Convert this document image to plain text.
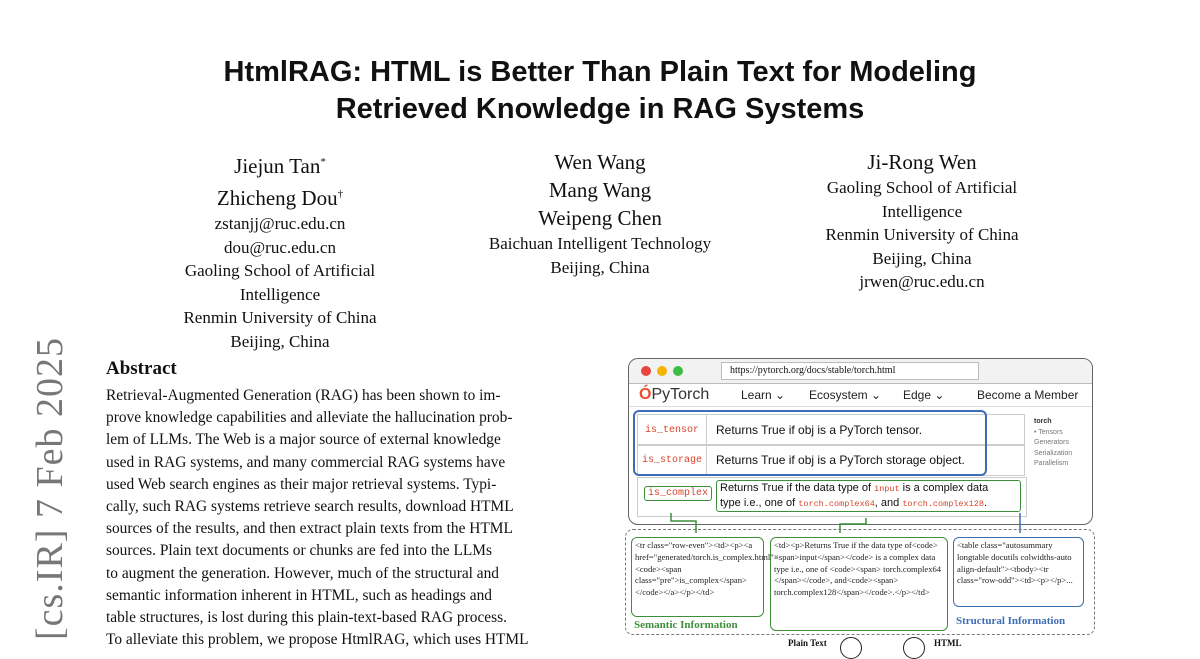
HtmlRAG: HTML is Better Than Plain Text for Modeling
Retrieved Knowledge in RAG Systems
Jiejun Tan*
Zhicheng Dou†
zstanjj@ruc.edu.cn
dou@ruc.edu.cn
Gaoling School of Artificial
Intelligence
Renmin University of China
Beijing, China
Wen Wang
Mang Wang
Weipeng Chen
Baichuan Intelligent Technology
Beijing, China
Ji-Rong Wen
Gaoling School of Artificial
Intelligence
Renmin University of China
Beijing, China
jrwen@ruc.edu.cn
[cs.IR] 7 Feb 2025 Abstract
Retrieval-Augmented Generation (RAG) has been shown to im-
prove knowledge capabilities and alleviate the hallucination prob-
lem of LLMs. The Web is a major source of external knowledge
used in RAG systems, and many commercial RAG systems have
used Web search engines as their major retrieval systems. Typi-
cally, such RAG systems retrieve search results, download HTML
sources of the results, and then extract plain texts from the HTML
sources. Plain text documents or chunks are fed into the LLMs
to augment the generation. However, much of the structural and
semantic information inherent in HTML, such as headings and
table structures, is lost during this plain-text-based RAG process.
To alleviate this problem, we propose HtmlRAG, which uses HTML
https://pytorch.org/docs/stable/torch.html
ÓPyTorch	Learn ⌄ Ecosystem ⌄ Edge ⌄	Become a Member
is_tensor	Returns True if obj is a PyTorch tensor.
is_storage	Returns True if obj is a PyTorch storage object.
is_complex	Returns True if the data type of input is a complex data
type i.e., one of torch.complex64, and torch.complex128.
torch
• Tensors
Generators
Serialization
Parallelism
<tr class="row-even"><td><p><a href="generated/torch.is_complex.html"><code><span class="pre">is_complex</span> </code></a></p></td>
<td><p>Returns True if the data type of<code><span>input</span></code> is a complex data type i.e., one of <code><span> torch.complex64 </span></code>, and<code><span> torch.complex128</span></code>.</p></td>
<table class="autosummary longtable docutils colwidths-auto align-default"><tbody><tr class="row-odd"><td><p></p>...
Semantic Information	Structural Information
Plain Text	HTML
